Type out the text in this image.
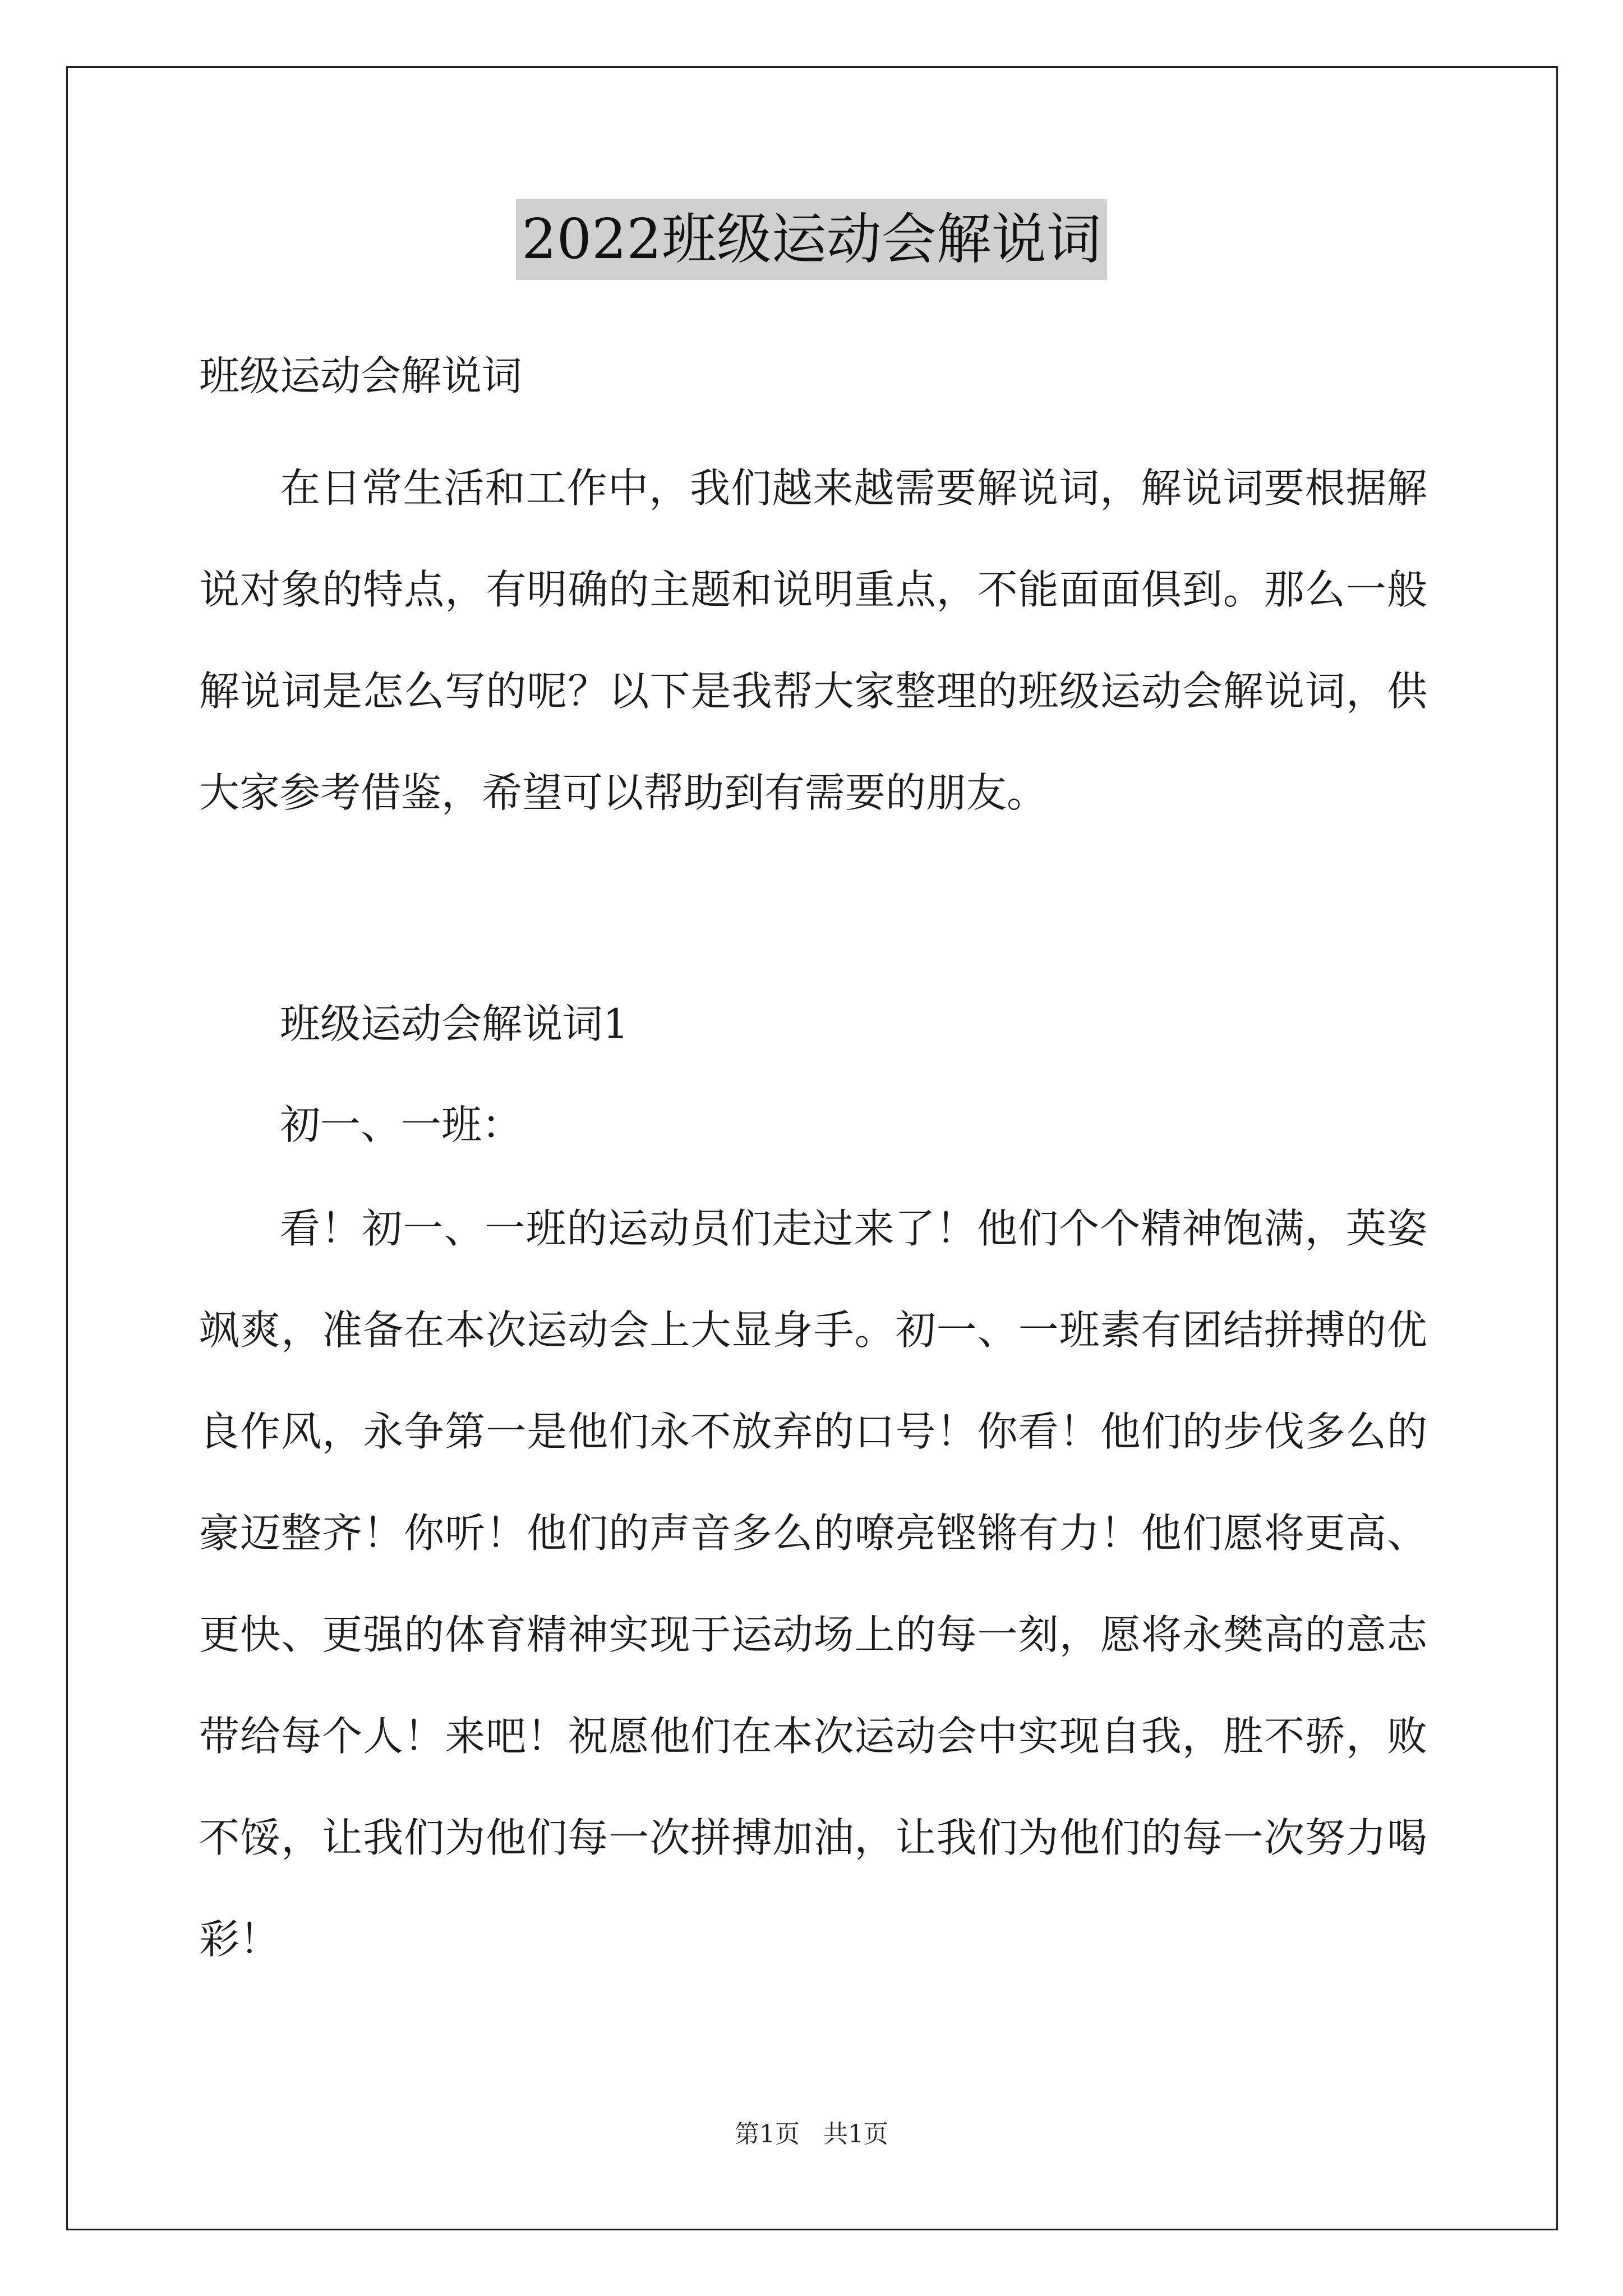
2022班级运动会解说词
班级运动会解说词

在日常生活和工作中，我们越来越需要解说词，解说词要根据解说对象的特点，有明确的主题和说明重点，不能面面俱到。那么一般解说词是怎么写的呢？以下是我帮大家整理的班级运动会解说词，供大家参考借鉴，希望可以帮助到有需要的朋友。

班级运动会解说词1

初一、一班：

看！初一、一班的运动员们走过来了！他们个个精神饱满，英姿飒爽，准备在本次运动会上大显身手。初一、一班素有团结拼搏的优良作风，永争第一是他们永不放弃的口号！你看！他们的步伐多么的豪迈整齐！你听！他们的声音多么的嘹亮铿锵有力！他们愿将更高、更快、更强的体育精神实现于运动场上的每一刻，愿将永樊高的意志带给每个人！来吧！祝愿他们在本次运动会中实现自我，胜不骄，败不馁，让我们为他们每一次拼搏加油，让我们为他们的每一次努力喝彩！

第1页 共1页
